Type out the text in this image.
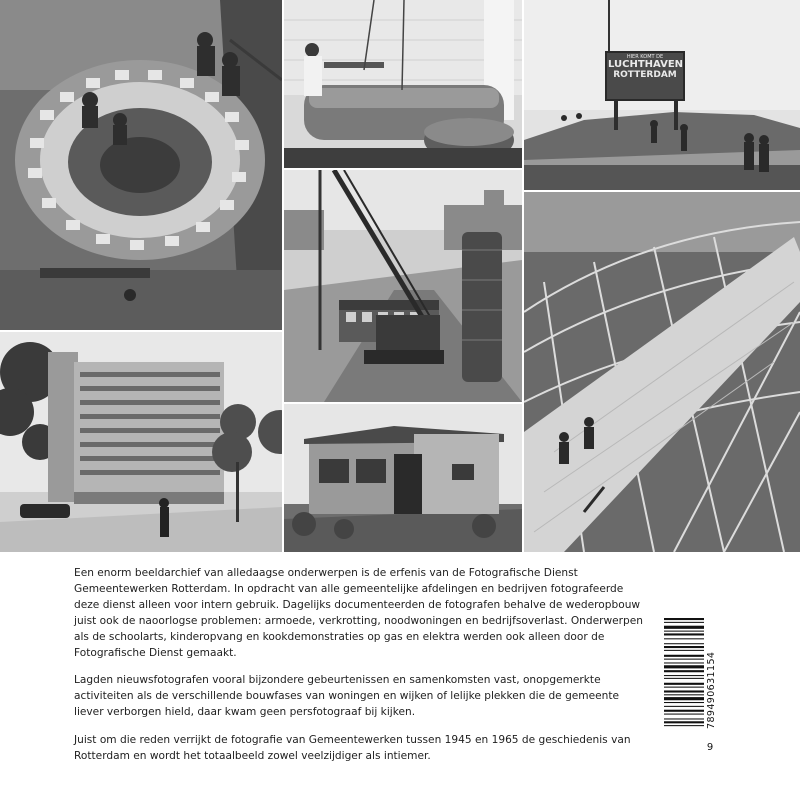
HIER KOMT DE
LUCHTHAVEN
ROTTERDAM

Een enorm beeldarchief van alledaagse onderwerpen is de erfenis van de Fotografische Dienst Gemeentewerken Rotterdam. In opdracht van alle gemeentelijke afdelingen en bedrijven fotografeerde deze dienst alleen voor intern gebruik. Dagelijks documenteerden de fotografen behalve de wederopbouw juist ook de naoorlogse problemen: armoede, verkrotting, noodwoningen en bedrijfsoverlast. Onderwerpen als de schoolarts, kinderopvang en kookdemonstraties op gas en elektra werden ook alleen door de Fotografische Dienst gemaakt.

Lagden nieuwsfotografen vooral bijzondere gebeurtenissen en samenkomsten vast, onopgemerkte activiteiten als de verschillende bouwfases van woningen en wijken of lelijke plekken die de gemeente liever verborgen hield, daar kwam geen persfotograaf bij kijken.

Juist om die reden verrijkt de fotografie van Gemeentewerken tussen 1945 en 1965 de geschiedenis van Rotterdam en wordt het totaalbeeld zowel veelzijdiger als intiemer.

789490631154
9
